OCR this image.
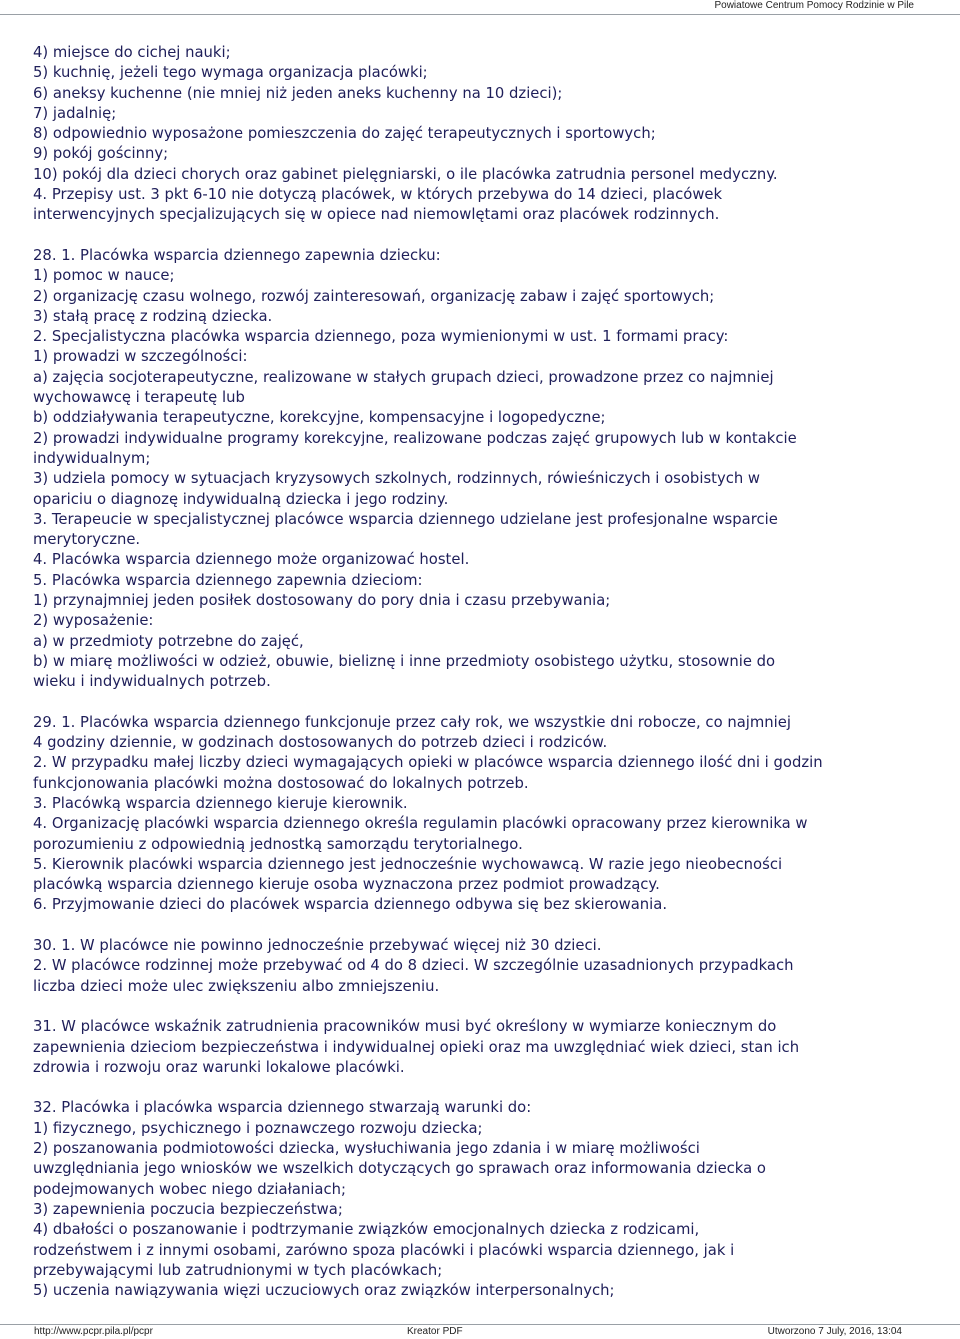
Powiatowe Centrum Pomocy Rodzinie w Pile
4) miejsce do cichej nauki;
5) kuchnię, jeżeli tego wymaga organizacja placówki;
6) aneksy kuchenne (nie mniej niż jeden aneks kuchenny na 10 dzieci);
7) jadalnię;
8) odpowiednio wyposażone pomieszczenia do zajęć terapeutycznych i sportowych;
9) pokój gościnny;
10) pokój dla dzieci chorych oraz gabinet pielęgniarski, o ile placówka zatrudnia personel medyczny.
4. Przepisy ust. 3 pkt 6-10 nie dotyczą placówek, w których przebywa do 14 dzieci, placówek
interwencyjnych specjalizujących się w opiece nad niemowlętami oraz placówek rodzinnych.
28. 1. Placówka wsparcia dziennego zapewnia dziecku:
1) pomoc w nauce;
2) organizację czasu wolnego, rozwój zainteresowań, organizację zabaw i zajęć sportowych;
3) stałą pracę z rodziną dziecka.
2. Specjalistyczna placówka wsparcia dziennego, poza wymienionymi w ust. 1 formami pracy:
1) prowadzi w szczególności:
a) zajęcia socjoterapeutyczne, realizowane w stałych grupach dzieci, prowadzone przez co najmniej
wychowawcę i terapeutę lub
b) oddziaływania terapeutyczne, korekcyjne, kompensacyjne i logopedyczne;
2) prowadzi indywidualne programy korekcyjne, realizowane podczas zajęć grupowych lub w kontakcie
indywidualnym;
3) udziela pomocy w sytuacjach kryzysowych szkolnych, rodzinnych, rówieśniczych i osobistych w
opariciu o diagnozę indywidualną dziecka i jego rodziny.
3. Terapeucie w specjalistycznej placówce wsparcia dziennego udzielane jest profesjonalne wsparcie
merytoryczne.
4. Placówka wsparcia dziennego może organizować hostel.
5. Placówka wsparcia dziennego zapewnia dzieciom:
1) przynajmniej jeden posiłek dostosowany do pory dnia i czasu przebywania;
2) wyposażenie:
a) w przedmioty potrzebne do zajęć,
b) w miarę możliwości w odzież, obuwie, bieliznę i inne przedmioty osobistego użytku, stosownie do
wieku i indywidualnych potrzeb.
29. 1. Placówka wsparcia dziennego funkcjonuje przez cały rok, we wszystkie dni robocze, co najmniej
4 godziny dziennie, w godzinach dostosowanych do potrzeb dzieci i rodziców.
2. W przypadku małej liczby dzieci wymagających opieki w placówce wsparcia dziennego ilość dni i godzin
funkcjonowania placówki można dostosować do lokalnych potrzeb.
3. Placówką wsparcia dziennego kieruje kierownik.
4. Organizację placówki wsparcia dziennego określa regulamin placówki opracowany przez kierownika w
porozumieniu z odpowiednią jednostką samorządu terytorialnego.
5. Kierownik placówki wsparcia dziennego jest jednocześnie wychowawcą. W razie jego nieobecności
placówką wsparcia dziennego kieruje osoba wyznaczona przez podmiot prowadzący.
6. Przyjmowanie dzieci do placówek wsparcia dziennego odbywa się bez skierowania.
30. 1. W placówce nie powinno jednocześnie przebywać więcej niż 30 dzieci.
2. W placówce rodzinnej może przebywać od 4 do 8 dzieci. W szczególnie uzasadnionych przypadkach
liczba dzieci może ulec zwiększeniu albo zmniejszeniu.
31. W placówce wskaźnik zatrudnienia pracowników musi być określony w wymiarze koniecznym do
zapewnienia dzieciom bezpieczeństwa i indywidualnej opieki oraz ma uwzględniać wiek dzieci, stan ich
zdrowia i rozwoju oraz warunki lokalowe placówki.
32. Placówka i placówka wsparcia dziennego stwarzają warunki do:
1) fizycznego, psychicznego i poznawczego rozwoju dziecka;
2) poszanowania podmiotowości dziecka, wysłuchiwania jego zdania i w miarę możliwości
uwzględniania jego wniosków we wszelkich dotyczących go sprawach oraz informowania dziecka o
podejmowanych wobec niego działaniach;
3) zapewnienia poczucia bezpieczeństwa;
4) dbałości o poszanowanie i podtrzymanie związków emocjonalnych dziecka z rodzicami,
rodzeństwem i z innymi osobami, zarówno spoza placówki i placówki wsparcia dziennego, jak i
przebywającymi lub zatrudnionymi w tych placówkach;
5) uczenia nawiązywania więzi uczuciowych oraz związków interpersonalnych;
http://www.pcpr.pila.pl/pcpr	Kreator PDF	Utworzono 7 July, 2016, 13:04
